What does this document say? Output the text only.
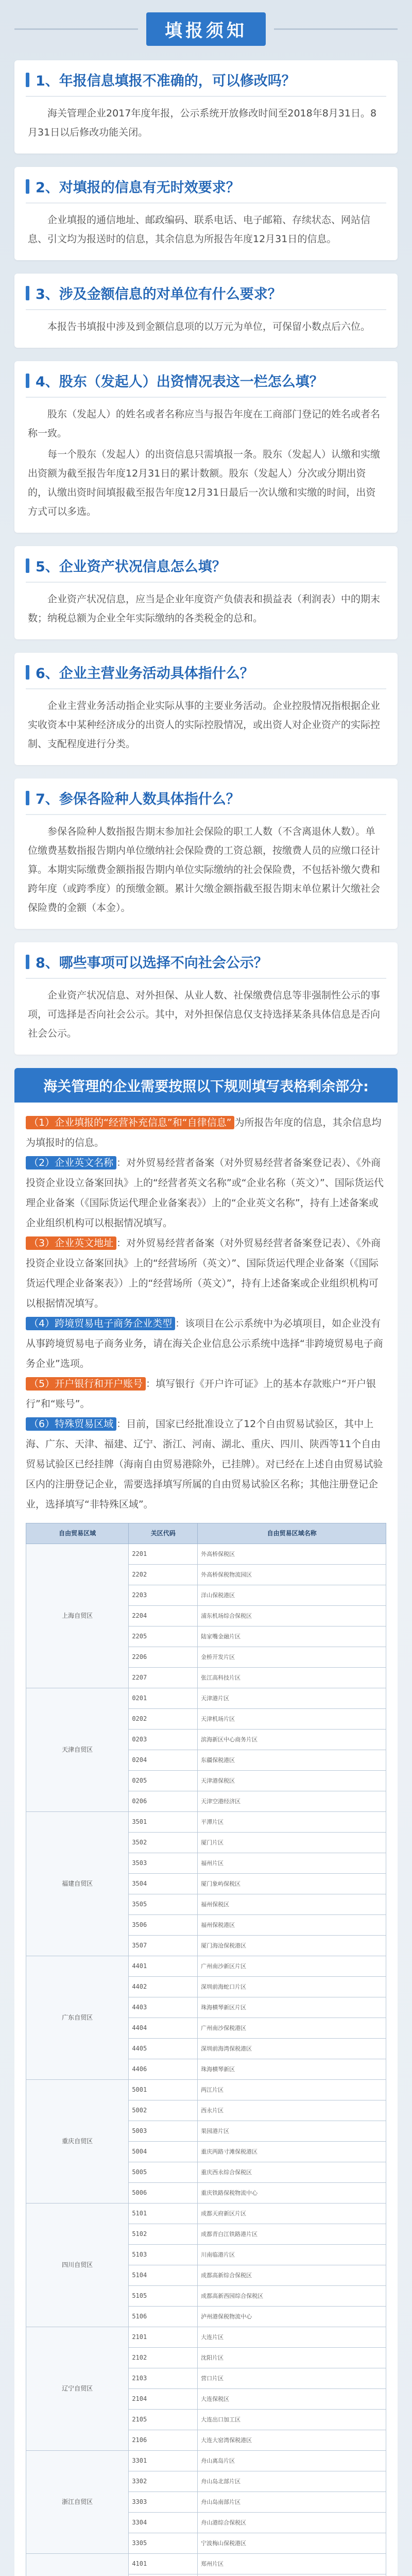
填报须知
1、年报信息填报不准确的，可以修改吗？

海关管理企业2017年度年报，公示系统开放修改时间至2018年8月31日。8月31日以后修改功能关闭。

2、对填报的信息有无时效要求？

企业填报的通信地址、邮政编码、联系电话、电子邮箱、存续状态、网站信息、引文均为报送时的信息，其余信息为所报告年度12月31日的信息。

3、涉及金额信息的对单位有什么要求？

本报告书填报中涉及到金额信息项的以万元为单位，可保留小数点后六位。

4、股东（发起人）出资情况表这一栏怎么填？

股东（发起人）的姓名或者名称应当与报告年度在工商部门登记的姓名或者名称一致。

每一个股东（发起人）的出资信息只需填报一条。股东（发起人）认缴和实缴出资额为截至报告年度12月31日的累计数额。股东（发起人）分次或分期出资的，认缴出资时间填报截至报告年度12月31日最后一次认缴和实缴的时间，出资方式可以多选。

5、企业资产状况信息怎么填？

企业资产状况信息，应当是企业年度资产负债表和损益表（利润表）中的期末数；纳税总额为企业全年实际缴纳的各类税金的总和。

6、企业主营业务活动具体指什么？

企业主营业务活动指企业实际从事的主要业务活动。企业控股情况指根据企业实收资本中某种经济成分的出资人的实际控股情况，或出资人对企业资产的实际控制、支配程度进行分类。

7、参保各险种人数具体指什么？

参保各险种人数指报告期末参加社会保险的职工人数（不含离退休人数）。单位缴费基数指报告期内单位缴纳社会保险费的工资总额，按缴费人员的应缴口径计算。本期实际缴费金额指报告期内单位实际缴纳的社会保险费，不包括补缴欠费和跨年度（或跨季度）的预缴金额。累计欠缴金额指截至报告期末单位累计欠缴社会保险费的金额（本金）。

8、哪些事项可以选择不向社会公示？

企业资产状况信息、对外担保、从业人数、社保缴费信息等非强制性公示的事项，可选择是否向社会公示。其中，对外担保信息仅支持选择某条具体信息是否向社会公示。

海关管理的企业需要按照以下规则填写表格剩余部分:

（1）企业填报的“经营补充信息”和“自律信息” 为所报告年度的信息，其余信息均为填报时的信息。

（2）企业英文名称 ：对外贸易经营者备案（对外贸易经营者备案登记表）、《外商投资企业设立备案回执》上的“经营者英文名称”或“企业名称（英文）”、国际货运代理企业备案（《国际货运代理企业备案表》）上的“企业英文名称”，持有上述备案或企业组织机构可以根据情况填写。

（3）企业英文地址 ：对外贸易经营者备案（对外贸易经营者备案登记表）、《外商投资企业设立备案回执》上的“经营场所（英文）”、国际货运代理企业备案（《国际货运代理企业备案表》）上的“经营场所（英文）”，持有上述备案或企业组织机构可以根据情况填写。

（4）跨境贸易电子商务企业类型 ：该项目在公示系统中为必填项目，如企业没有从事跨境贸易电子商务业务，请在海关企业信息公示系统中选择“非跨境贸易电子商务企业”选项。

（5）开户银行和开户账号 ：填写银行《开户许可证》上的基本存款账户“开户银行”和“账号”。

（6）特殊贸易区域 ：目前，国家已经批准设立了12个自由贸易试验区，其中上海、广东、天津、福建、辽宁、浙江、河南、湖北、重庆、四川、陕西等11个自由贸易试验区已经挂牌（海南自由贸易港除外，已挂牌）。对已经在上述自由贸易试验区内的注册登记企业，需要选择填写所属的自由贸易试验区名称；其他注册登记企业，选择填写“非特殊区域”。

自由贸易区域	关区代码	自由贸易区域名称
上海自贸区	2201	外高桥保税区
	2202	外高桥保税物流园区
	2203	洋山保税港区
	2204	浦东机场综合保税区
	2205	陆家嘴金融片区
	2206	金桥开发片区
	2207	张江高科技片区
天津自贸区	0201	天津港片区
	0202	天津机场片区
	0203	滨海新区中心商务片区
	0204	东疆保税港区
	0205	天津港保税区
	0206	天津空港经济区
福建自贸区	3501	平潭片区
	3502	厦门片区
	3503	福州片区
	3504	厦门象屿保税区
	3505	福州保税区
	3506	福州保税港区
	3507	厦门海沧保税港区
广东自贸区	4401	广州南沙新区片区
	4402	深圳前海蛇口片区
	4403	珠海横琴新区片区
	4404	广州南沙保税港区
	4405	深圳前海湾保税港区
	4406	珠海横琴新区
重庆自贸区	5001	两江片区
	5002	西永片区
	5003	果园港片区
	5004	重庆两路寸滩保税港区
	5005	重庆西永综合保税区
	5006	重庆铁路保税物流中心
四川自贸区	5101	成都天府新区片区
	5102	成都青白江铁路港片区
	5103	川南临港片区
	5104	成都高新综合保税区
	5105	成都高新西园综合保税区
	5106	泸州港保税物流中心
辽宁自贸区	2101	大连片区
	2102	沈阳片区
	2103	营口片区
	2104	大连保税区
	2105	大连出口加工区
	2106	大连大窑湾保税港区
浙江自贸区	3301	舟山离岛片区
	3302	舟山岛北部片区
	3303	舟山岛南部片区
	3304	舟山港综合保税区
	3305	宁波梅山保税港区
	4101	郑州片区
